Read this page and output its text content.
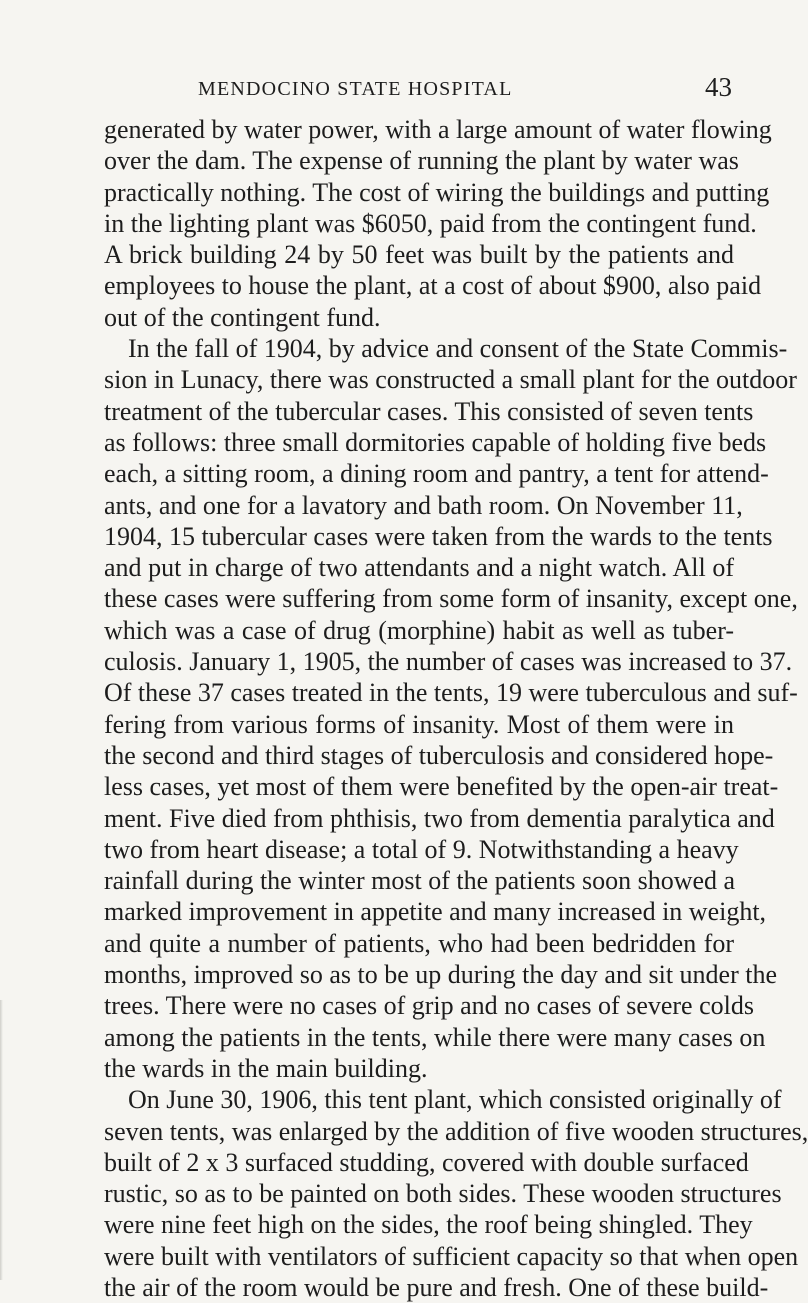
MENDOCINO STATE HOSPITAL	43
generated by water power, with a large amount of water flowing
over the dam. The expense of running the plant by water was
practically nothing. The cost of wiring the buildings and putting
in the lighting plant was $6050, paid from the contingent fund.
A brick building 24 by 50 feet was built by the patients and
employees to house the plant, at a cost of about $900, also paid
out of the contingent fund.
In the fall of 1904, by advice and consent of the State Commis-
sion in Lunacy, there was constructed a small plant for the outdoor
treatment of the tubercular cases. This consisted of seven tents
as follows: three small dormitories capable of holding five beds
each, a sitting room, a dining room and pantry, a tent for attend-
ants, and one for a lavatory and bath room. On November 11,
1904, 15 tubercular cases were taken from the wards to the tents
and put in charge of two attendants and a night watch. All of
these cases were suffering from some form of insanity, except one,
which was a case of drug (morphine) habit as well as tuber-
culosis. January 1, 1905, the number of cases was increased to 37.
Of these 37 cases treated in the tents, 19 were tuberculous and suf-
fering from various forms of insanity. Most of them were in
the second and third stages of tuberculosis and considered hope-
less cases, yet most of them were benefited by the open-air treat-
ment. Five died from phthisis, two from dementia paralytica and
two from heart disease; a total of 9. Notwithstanding a heavy
rainfall during the winter most of the patients soon showed a
marked improvement in appetite and many increased in weight,
and quite a number of patients, who had been bedridden for
months, improved so as to be up during the day and sit under the
trees. There were no cases of grip and no cases of severe colds
among the patients in the tents, while there were many cases on
the wards in the main building.
On June 30, 1906, this tent plant, which consisted originally of
seven tents, was enlarged by the addition of five wooden structures,
built of 2 x 3 surfaced studding, covered with double surfaced
rustic, so as to be painted on both sides. These wooden structures
were nine feet high on the sides, the roof being shingled. They
were built with ventilators of sufficient capacity so that when open
the air of the room would be pure and fresh. One of these build-
